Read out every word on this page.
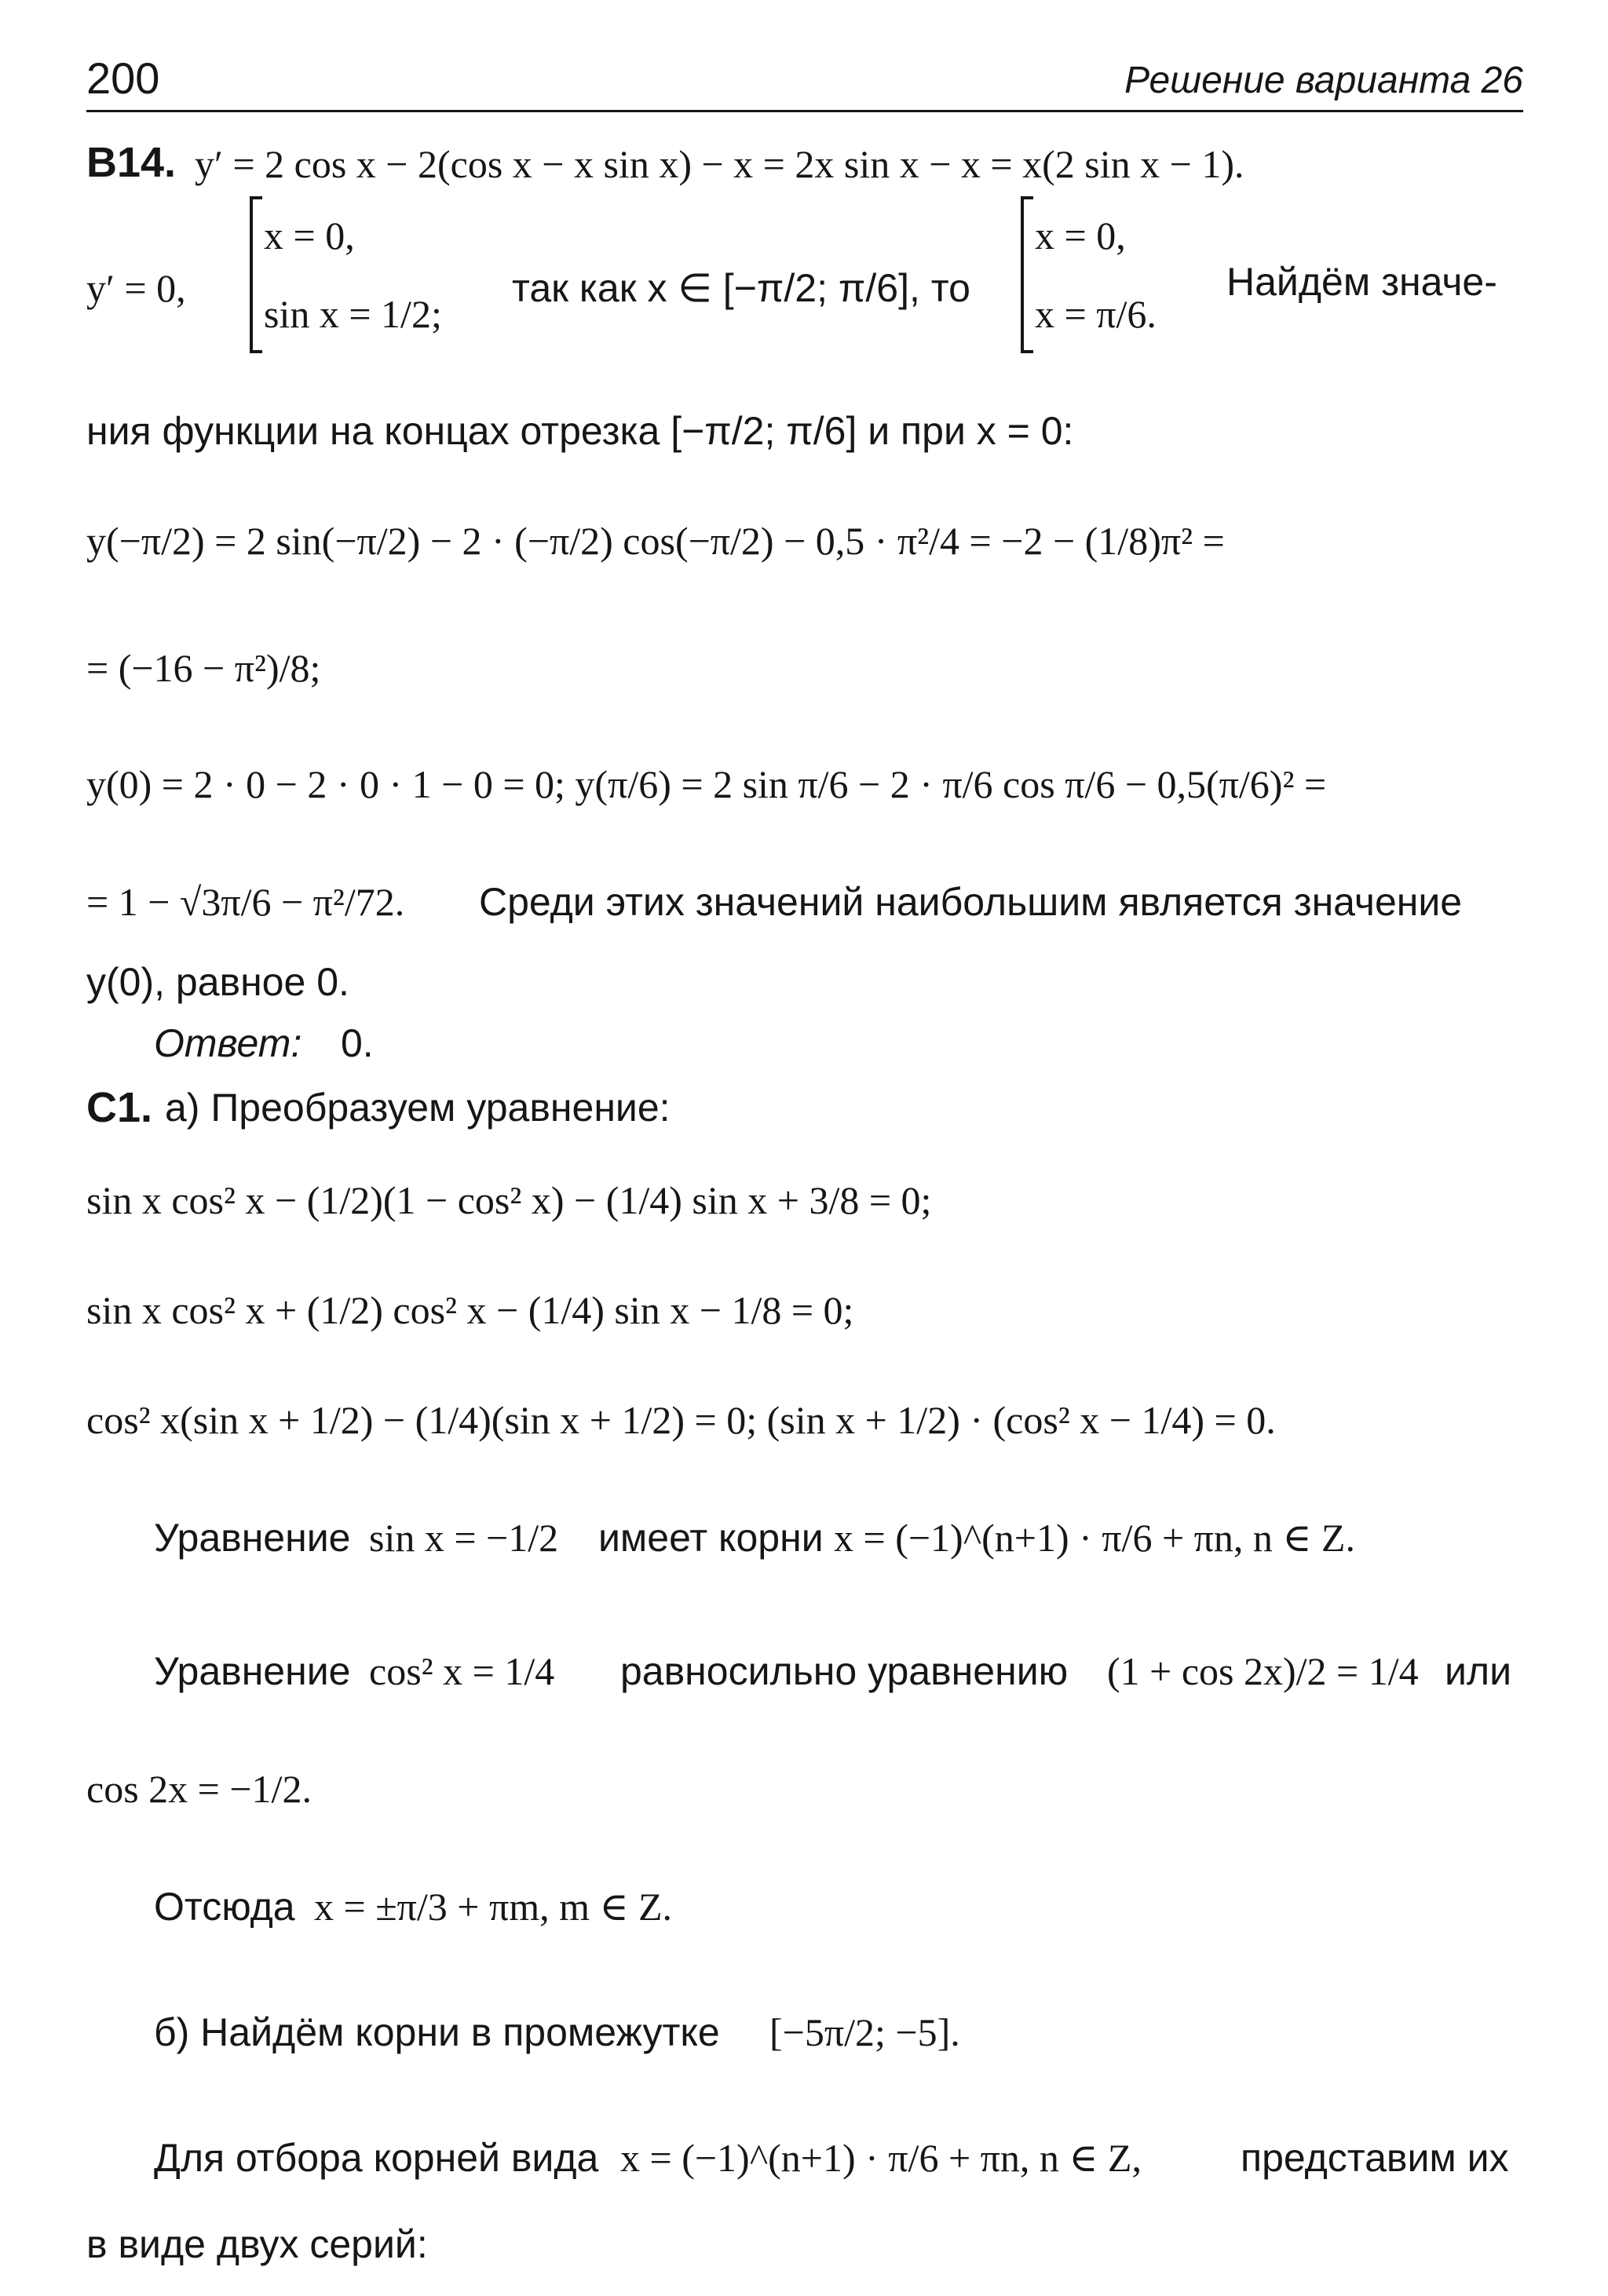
200	Решение варианта 26
B14. y′ = 2 cos x − 2(cos x − x sin x) − x = 2x sin x − x = x(2 sin x − 1).
y′ = 0,
x = 0,
sin x = 1/2;
так как x ∈ [−π/2; π/6], то
x = 0,
x = π/6.
Найдём значе-
ния функции на концах отрезка [−π/2; π/6] и при x = 0:
y(−π/2) = 2 sin(−π/2) − 2 · (−π/2) cos(−π/2) − 0,5 · π²/4 = −2 − (1/8)π² =
= (−16 − π²)/8;
y(0) = 2 · 0 − 2 · 0 · 1 − 0 = 0; y(π/6) = 2 sin π/6 − 2 · π/6 cos π/6 − 0,5(π/6)² =
= 1 − √3π/6 − π²/72. Среди этих значений наибольшим является значение
y(0), равное 0.
Ответ: 0.
C1. а) Преобразуем уравнение:
sin x cos² x − (1/2)(1 − cos² x) − (1/4) sin x + 3/8 = 0;
sin x cos² x + (1/2) cos² x − (1/4) sin x − 1/8 = 0;
cos² x(sin x + 1/2) − (1/4)(sin x + 1/2) = 0; (sin x + 1/2) · (cos² x − 1/4) = 0.
Уравнение sin x = −1/2 имеет корни x = (−1)^(n+1) · π/6 + πn, n ∈ Z.
Уравнение cos² x = 1/4 равносильно уравнению (1 + cos 2x)/2 = 1/4 или
cos 2x = −1/2.
Отсюда x = ±π/3 + πm, m ∈ Z.
б) Найдём корни в промежутке [−5π/2; −5].
Для отбора корней вида x = (−1)^(n+1) · π/6 + πn, n ∈ Z,	представим их
в виде двух серий:
